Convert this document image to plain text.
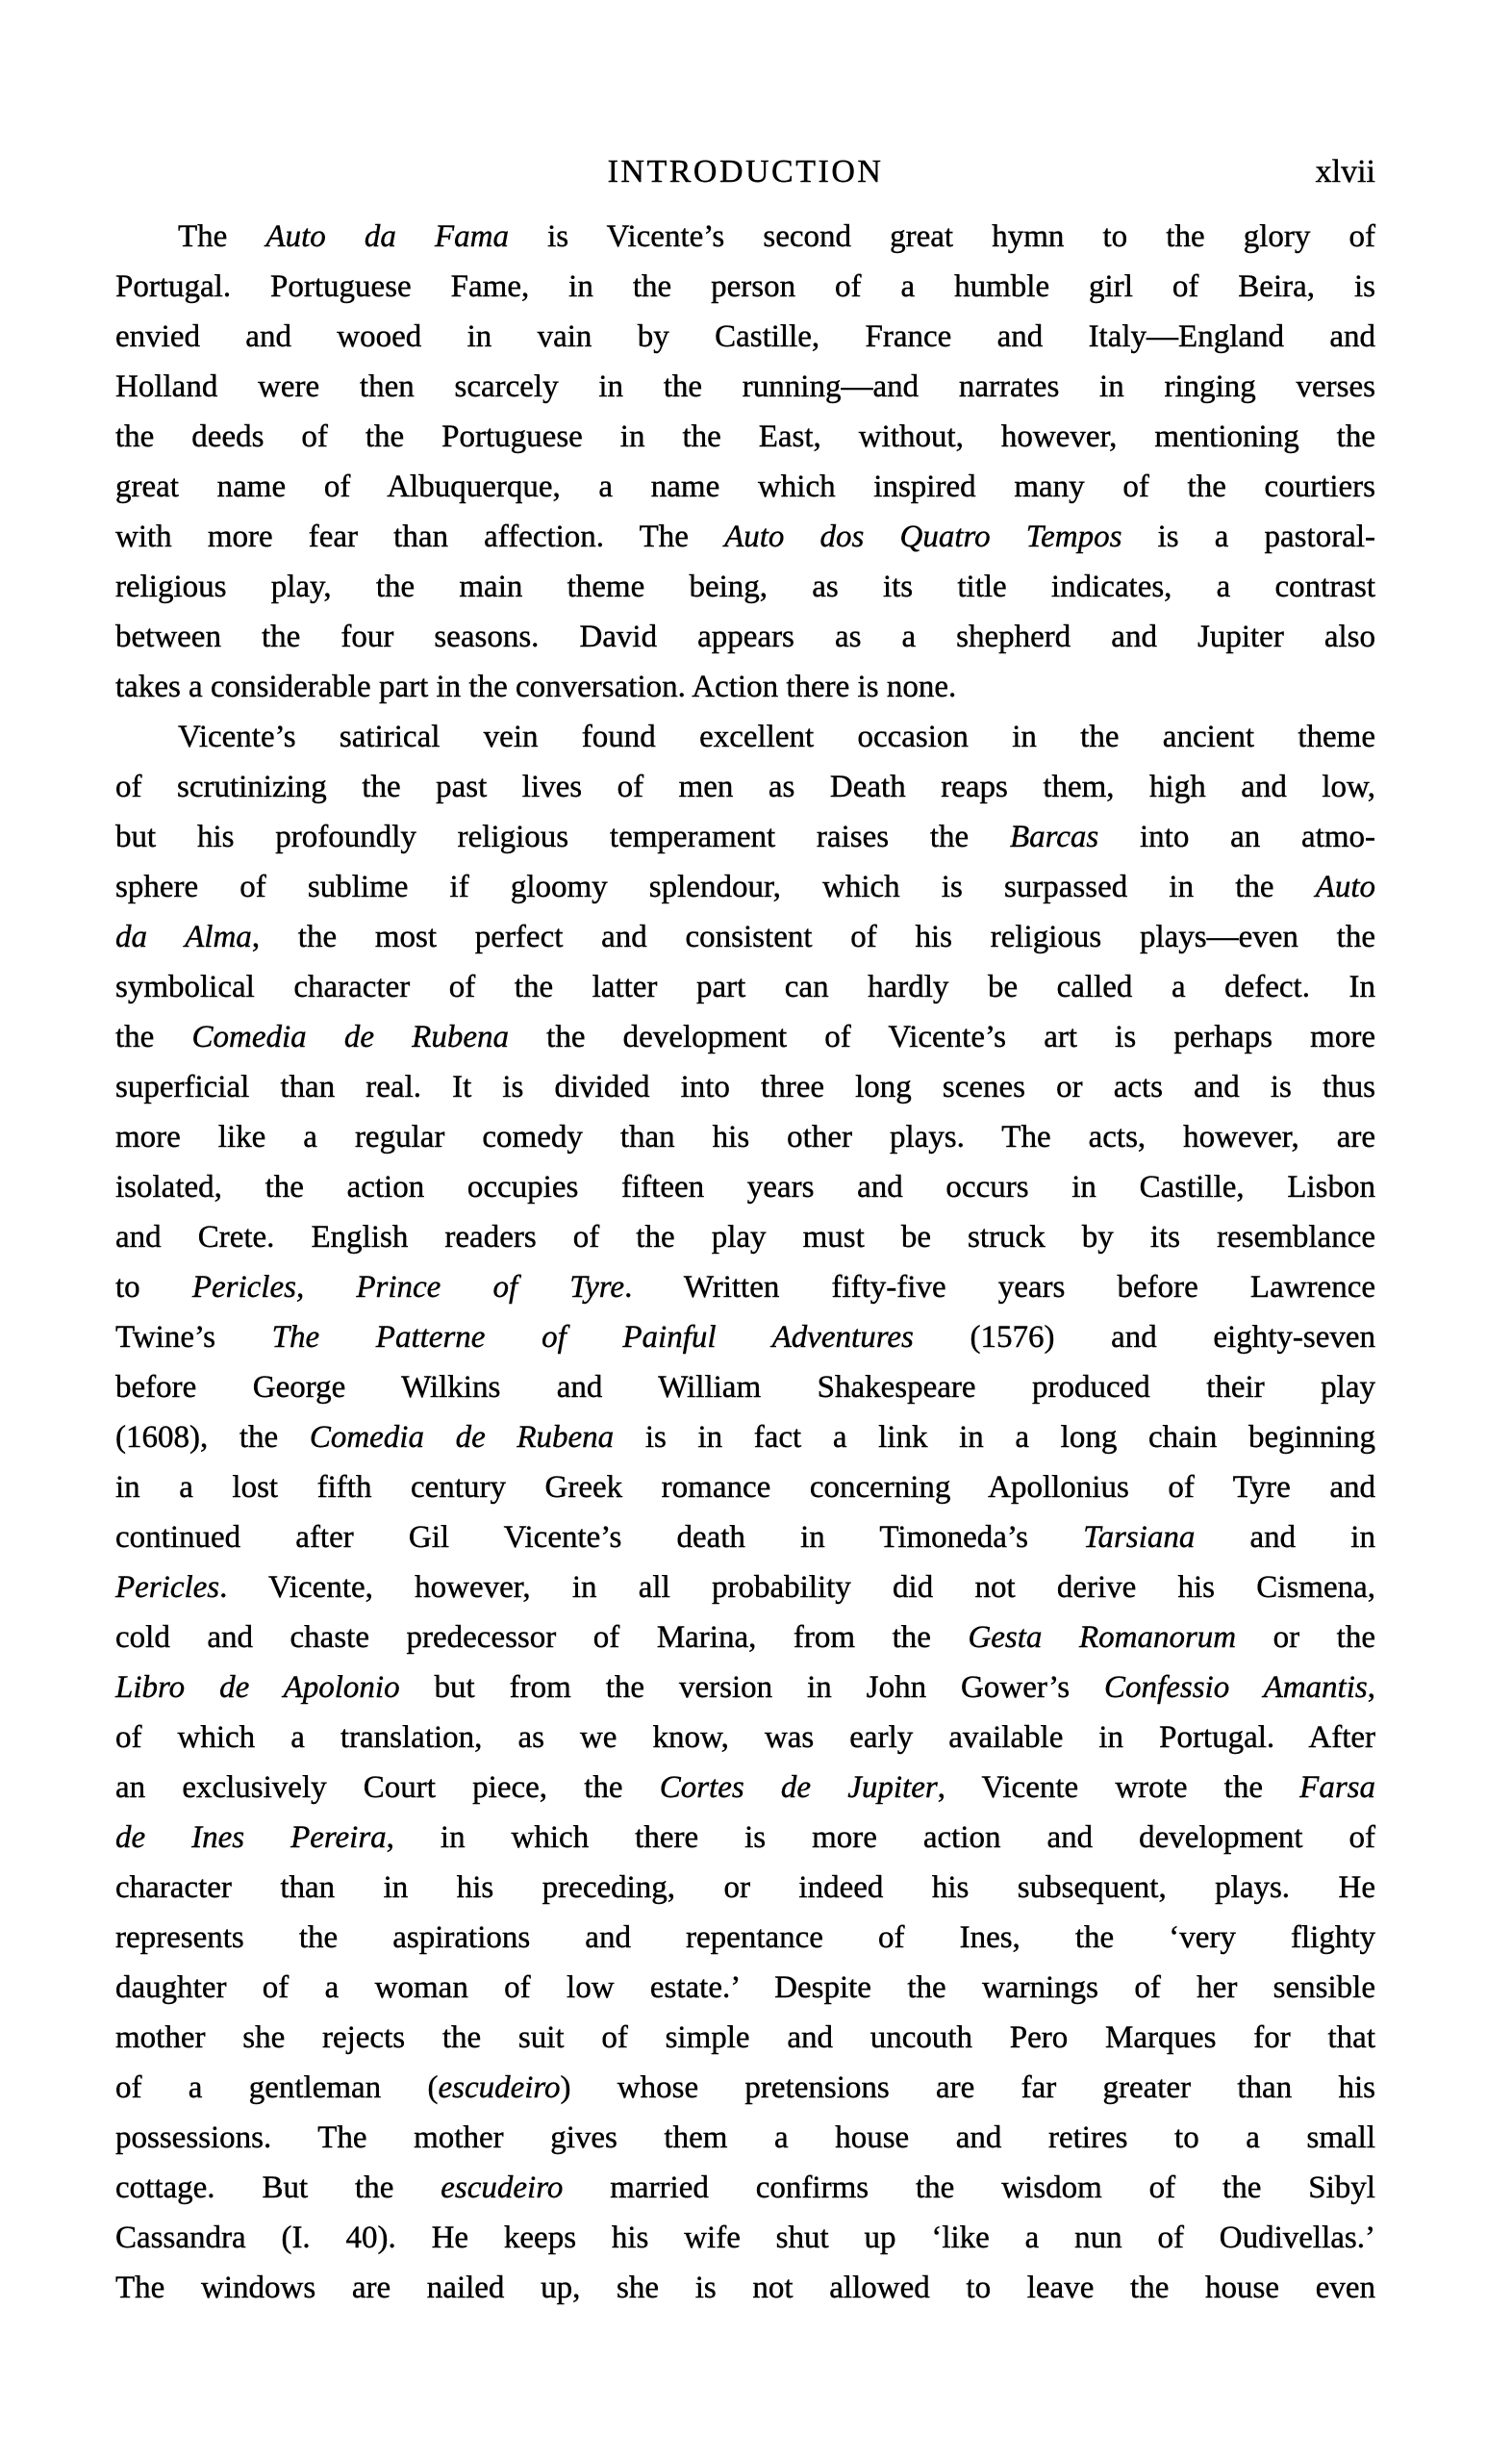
INTRODUCTION	xlvii

The Auto da Fama is Vicente’s second great hymn to the glory of
Portugal. Portuguese Fame, in the person of a humble girl of Beira, is
envied and wooed in vain by Castille, France and Italy—England and
Holland were then scarcely in the running—and narrates in ringing verses
the deeds of the Portuguese in the East, without, however, mentioning the
great name of Albuquerque, a name which inspired many of the courtiers
with more fear than affection. The Auto dos Quatro Tempos is a pastoral-
religious play, the main theme being, as its title indicates, a contrast
between the four seasons. David appears as a shepherd and Jupiter also
takes a considerable part in the conversation. Action there is none.

Vicente’s satirical vein found excellent occasion in the ancient theme
of scrutinizing the past lives of men as Death reaps them, high and low,
but his profoundly religious temperament raises the Barcas into an atmo-
sphere of sublime if gloomy splendour, which is surpassed in the Auto
da Alma, the most perfect and consistent of his religious plays—even the
symbolical character of the latter part can hardly be called a defect. In
the Comedia de Rubena the development of Vicente’s art is perhaps more
superficial than real. It is divided into three long scenes or acts and is thus
more like a regular comedy than his other plays. The acts, however, are
isolated, the action occupies fifteen years and occurs in Castille, Lisbon
and Crete. English readers of the play must be struck by its resemblance
to Pericles, Prince of Tyre. Written fifty-five years before Lawrence
Twine’s The Patterne of Painful Adventures (1576) and eighty-seven
before George Wilkins and William Shakespeare produced their play
(1608), the Comedia de Rubena is in fact a link in a long chain beginning
in a lost fifth century Greek romance concerning Apollonius of Tyre and
continued after Gil Vicente’s death in Timoneda’s Tarsiana and in
Pericles. Vicente, however, in all probability did not derive his Cismena,
cold and chaste predecessor of Marina, from the Gesta Romanorum or the
Libro de Apolonio but from the version in John Gower’s Confessio Amantis,
of which a translation, as we know, was early available in Portugal. After
an exclusively Court piece, the Cortes de Jupiter, Vicente wrote the Farsa
de Ines Pereira, in which there is more action and development of
character than in his preceding, or indeed his subsequent, plays. He
represents the aspirations and repentance of Ines, the ‘very flighty
daughter of a woman of low estate.’ Despite the warnings of her sensible
mother she rejects the suit of simple and uncouth Pero Marques for that
of a gentleman (escudeiro) whose pretensions are far greater than his
possessions. The mother gives them a house and retires to a small
cottage. But the escudeiro married confirms the wisdom of the Sibyl
Cassandra (I. 40). He keeps his wife shut up ‘like a nun of Oudivellas.’
The windows are nailed up, she is not allowed to leave the house even
